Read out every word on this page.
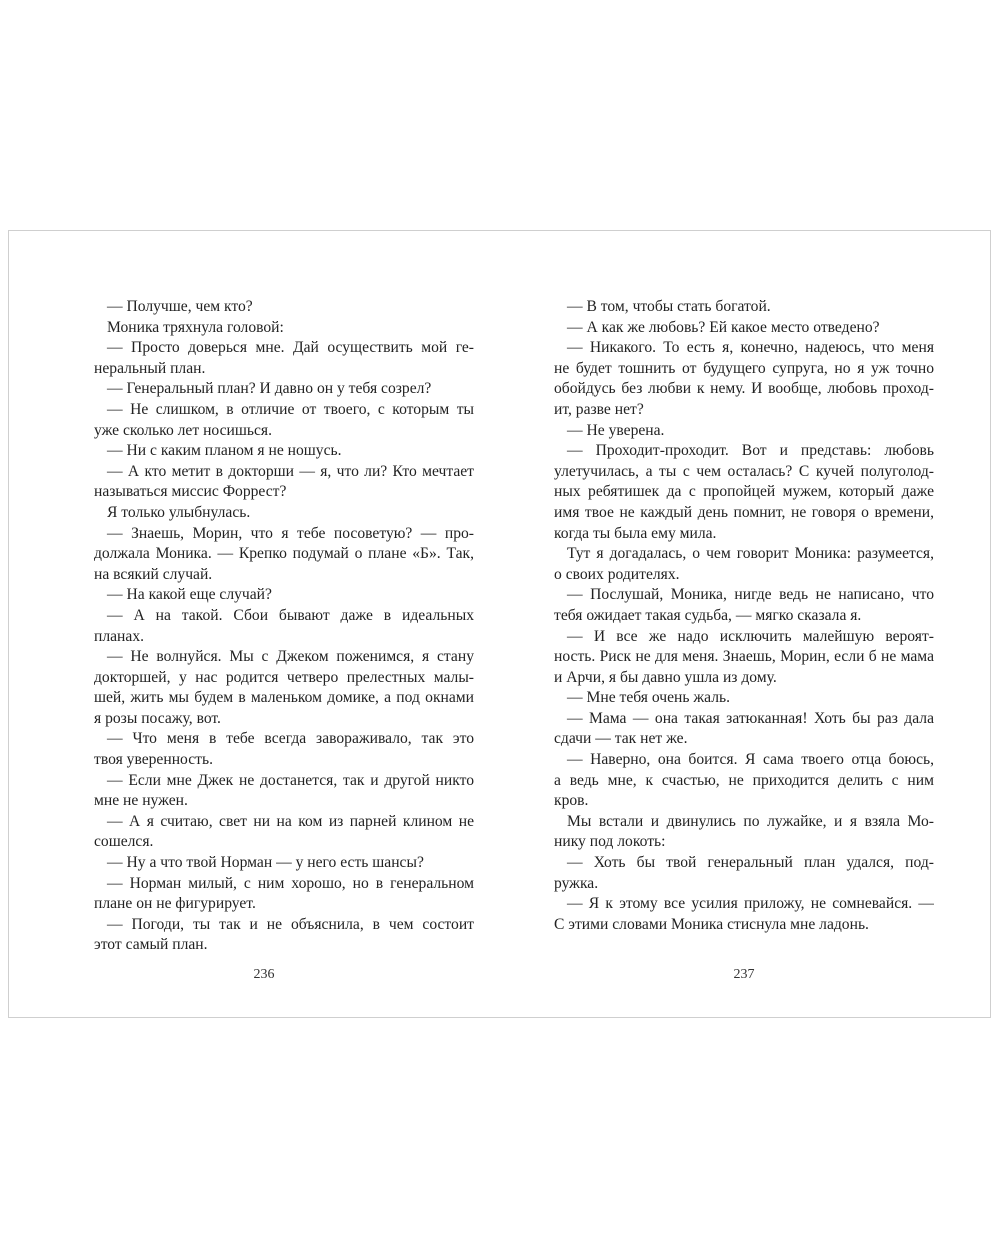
— Получше, чем кто?
Моника тряхнула головой:
— Просто доверься мне. Дай осуществить мой ге-
неральный план.
— Генеральный план? И давно он у тебя созрел?
— Не слишком, в отличие от твоего, с которым ты
уже сколько лет носишься.
— Ни с каким планом я не ношусь.
— А кто метит в докторши — я, что ли? Кто мечтает
называться миссис Форрест?
Я только улыбнулась.
— Знаешь, Морин, что я тебе посоветую? — про-
должала Моника. — Крепко подумай о плане «Б». Так,
на всякий случай.
— На какой еще случай?
— А на такой. Сбои бывают даже в идеальных
планах.
— Не волнуйся. Мы с Джеком поженимся, я стану
докторшей, у нас родится четверо прелестных малы-
шей, жить мы будем в маленьком домике, а под окнами
я розы посажу, вот.
— Что меня в тебе всегда завораживало, так это
твоя уверенность.
— Если мне Джек не достанется, так и другой никто
мне не нужен.
— А я считаю, свет ни на ком из парней клином не
сошелся.
— Ну а что твой Норман — у него есть шансы?
— Норман милый, с ним хорошо, но в генеральном
плане он не фигурирует.
— Погоди, ты так и не объяснила, в чем состоит
этот самый план.
236
— В том, чтобы стать богатой.
— А как же любовь? Ей какое место отведено?
— Никакого. То есть я, конечно, надеюсь, что меня
не будет тошнить от будущего супруга, но я уж точно
обойдусь без любви к нему. И вообще, любовь проход-
ит, разве нет?
— Не уверена.
— Проходит-проходит. Вот и представь: любовь
улетучилась, а ты с чем осталась? С кучей полуголод-
ных ребятишек да с пропойцей мужем, который даже
имя твое не каждый день помнит, не говоря о времени,
когда ты была ему мила.
Тут я догадалась, о чем говорит Моника: разумеется,
о своих родителях.
— Послушай, Моника, нигде ведь не написано, что
тебя ожидает такая судьба, — мягко сказала я.
— И все же надо исключить малейшую вероят-
ность. Риск не для меня. Знаешь, Морин, если б не мама
и Арчи, я бы давно ушла из дому.
— Мне тебя очень жаль.
— Мама — она такая затюканная! Хоть бы раз дала
сдачи — так нет же.
— Наверно, она боится. Я сама твоего отца боюсь,
а ведь мне, к счастью, не приходится делить с ним
кров.
Мы встали и двинулись по лужайке, и я взяла Мо-
нику под локоть:
— Хоть бы твой генеральный план удался, под-
ружка.
— Я к этому все усилия приложу, не сомневайся. —
С этими словами Моника стиснула мне ладонь.
237
